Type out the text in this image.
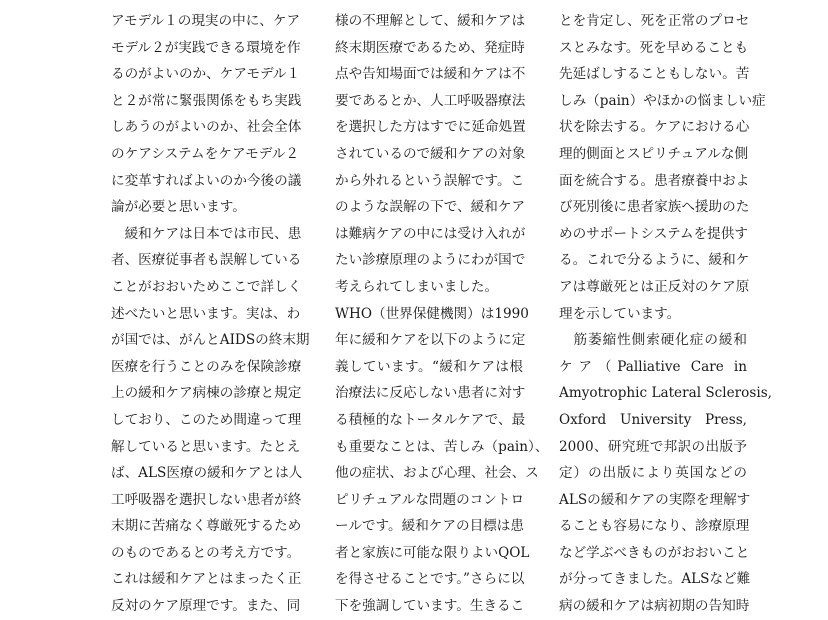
アモデル１の現実の中に、ケア
モデル２が実践できる環境を作
るのがよいのか、ケアモデル１
と２が常に緊張関係をもち実践
しあうのがよいのか、社会全体
のケアシステムをケアモデル２
に変革すればよいのか今後の議
論が必要と思います。
　緩和ケアは日本では市民、患
者、医療従事者も誤解している
ことがおおいためここで詳しく
述べたいと思います。実は、わ
が国では、がんとAIDSの終末期
医療を行うことのみを保険診療
上の緩和ケア病棟の診療と規定
しており、このため間違って理
解していると思います。たとえ
ば、ALS医療の緩和ケアとは人
工呼吸器を選択しない患者が終
末期に苦痛なく尊厳死するため
のものであるとの考え方です。
これは緩和ケアとはまったく正
反対のケア原理です。また、同
様の不理解として、緩和ケアは
終末期医療であるため、発症時
点や告知場面では緩和ケアは不
要であるとか、人工呼吸器療法
を選択した方はすでに延命処置
されているので緩和ケアの対象
から外れるという誤解です。こ
のような誤解の下で、緩和ケア
は難病ケアの中には受け入れが
たい診療原理のようにわが国で
考えられてしまいました。
WHO（世界保健機関）は1990
年に緩和ケアを以下のように定
義しています。“緩和ケアは根
治療法に反応しない患者に対す
る積極的なトータルケアで、最
も重要なことは、苦しみ（pain）、
他の症状、および心理、社会、ス
ピリチュアルな問題のコントロ
ールです。緩和ケアの目標は患
者と家族に可能な限りよいQOL
を得させることです。”さらに以
下を強調しています。生きるこ
とを肯定し、死を正常のプロセ
スとみなす。死を早めることも
先延ばしすることもしない。苦
しみ（pain）やほかの悩ましい症
状を除去する。ケアにおける心
理的側面とスピリチュアルな側
面を統合する。患者療養中およ
び死別後に患者家族へ援助のた
めのサポートシステムを提供す
る。これで分るように、緩和ケ
アは尊厳死とは正反対のケア原
理を示しています。
　筋萎縮性側索硬化症の緩和
ケア（Palliative Care in
Amyotrophic Lateral Sclerosis,
Oxford University Press,
2000、研究班で邦訳の出版予
定）の出版により英国などの
ALSの緩和ケアの実際を理解す
ることも容易になり、診療原理
など学ぶべきものがおおいこと
が分ってきました。ALSなど難
病の緩和ケアは病初期の告知時
